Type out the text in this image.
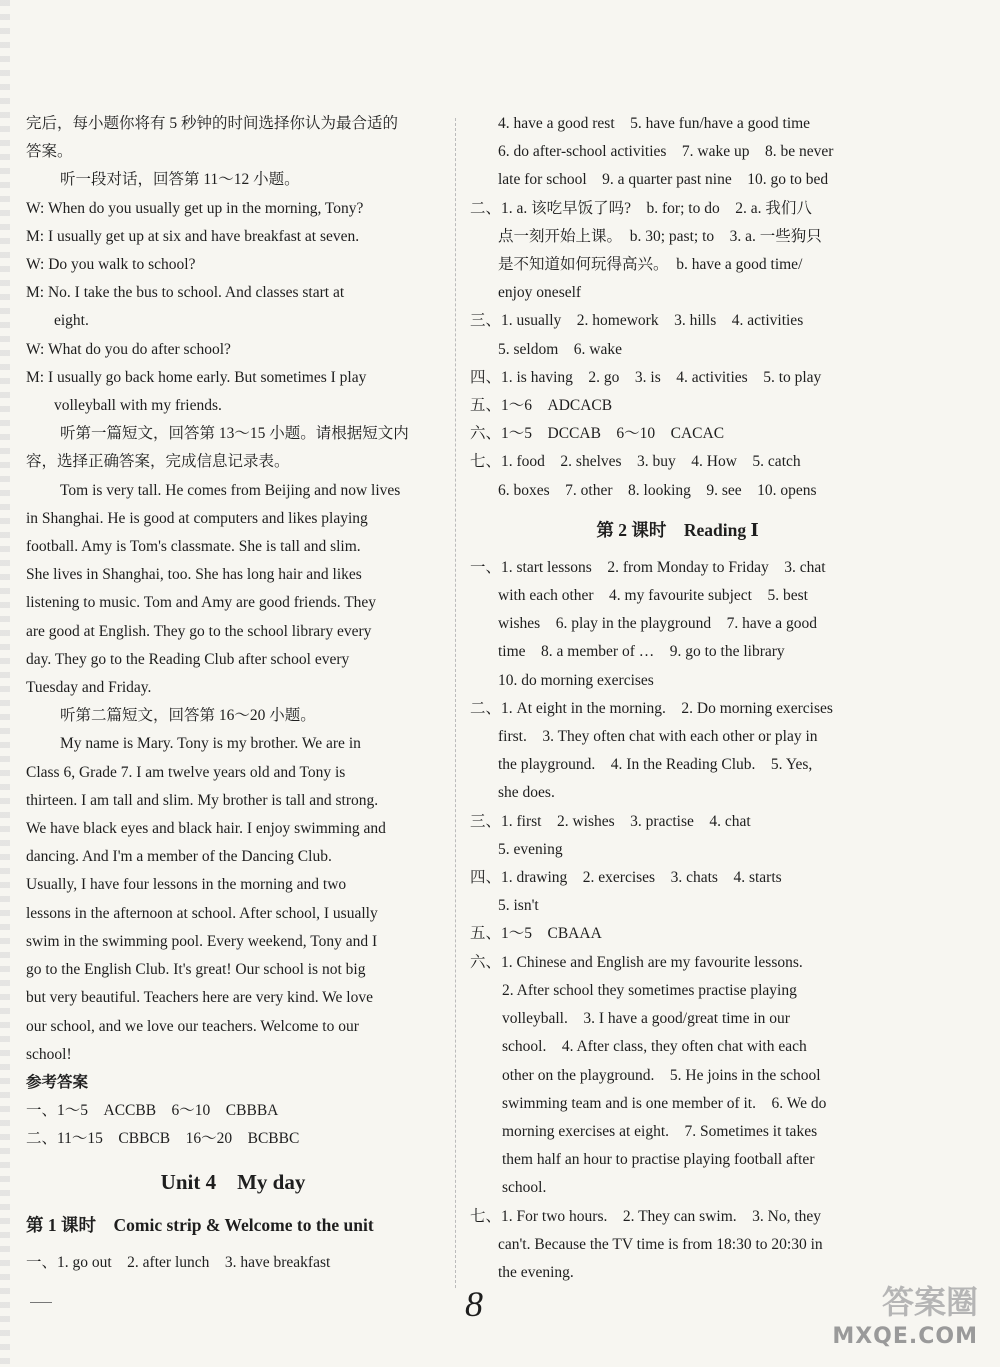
完后，每小题你将有 5 秒钟的时间选择你认为最合适的
答案。
听一段对话，回答第 11～12 小题。
W: When do you usually get up in the morning, Tony?
M: I usually get up at six and have breakfast at seven.
W: Do you walk to school?
M: No. I take the bus to school. And classes start at
eight.
W: What do you do after school?
M: I usually go back home early. But sometimes I play
volleyball with my friends.
听第一篇短文，回答第 13～15 小题。请根据短文内
容，选择正确答案，完成信息记录表。
Tom is very tall. He comes from Beijing and now lives
in Shanghai. He is good at computers and likes playing
football. Amy is Tom's classmate. She is tall and slim.
She lives in Shanghai, too. She has long hair and likes
listening to music. Tom and Amy are good friends. They
are good at English. They go to the school library every
day. They go to the Reading Club after school every
Tuesday and Friday.
听第二篇短文，回答第 16～20 小题。
My name is Mary. Tony is my brother. We are in
Class 6, Grade 7. I am twelve years old and Tony is
thirteen. I am tall and slim. My brother is tall and strong.
We have black eyes and black hair. I enjoy swimming and
dancing. And I'm a member of the Dancing Club.
Usually, I have four lessons in the morning and two
lessons in the afternoon at school. After school, I usually
swim in the swimming pool. Every weekend, Tony and I
go to the English Club. It's great! Our school is not big
but very beautiful. Teachers here are very kind. We love
our school, and we love our teachers. Welcome to our
school!
参考答案
一、1～5　ACCBB　6～10　CBBBA
二、11～15　CBBCB　16～20　BCBBC
Unit 4　My day
第 1 课时　Comic strip & Welcome to the unit
一、1. go out　2. after lunch　3. have breakfast
4. have a good rest　5. have fun/have a good time
6. do after-school activities　7. wake up　8. be never
late for school　9. a quarter past nine　10. go to bed
二、1. a. 该吃早饭了吗?　b. for; to do　2. a. 我们八
点一刻开始上课。　b. 30; past; to　3. a. 一些狗只
是不知道如何玩得高兴。　b. have a good time/
enjoy oneself
三、1. usually　2. homework　3. hills　4. activities
5. seldom　6. wake
四、1. is having　2. go　3. is　4. activities　5. to play
五、1～6　ADCACB
六、1～5　DCCAB　6～10　CACAC
七、1. food　2. shelves　3. buy　4. How　5. catch
6. boxes　7. other　8. looking　9. see　10. opens
第 2 课时　Reading Ⅰ
一、1. start lessons　2. from Monday to Friday　3. chat
with each other　4. my favourite subject　5. best
wishes　6. play in the playground　7. have a good
time　8. a member of …　9. go to the library
10. do morning exercises
二、1. At eight in the morning.　2. Do morning exercises
first.　3. They often chat with each other or play in
the playground.　4. In the Reading Club.　5. Yes,
she does.
三、1. first　2. wishes　3. practise　4. chat
5. evening
四、1. drawing　2. exercises　3. chats　4. starts
5. isn't
五、1～5　CBAAA
六、1. Chinese and English are my favourite lessons.
2. After school they sometimes practise playing
volleyball.　3. I have a good/great time in our
school.　4. After class, they often chat with each
other on the playground.　5. He joins in the school
swimming team and is one member of it.　6. We do
morning exercises at eight.　7. Sometimes it takes
them half an hour to practise playing football after
school.
七、1. For two hours.　2. They can swim.　3. No, they
can't. Because the TV time is from 18:30 to 20:30 in
the evening.
8	答案圈
MXQE.COM
